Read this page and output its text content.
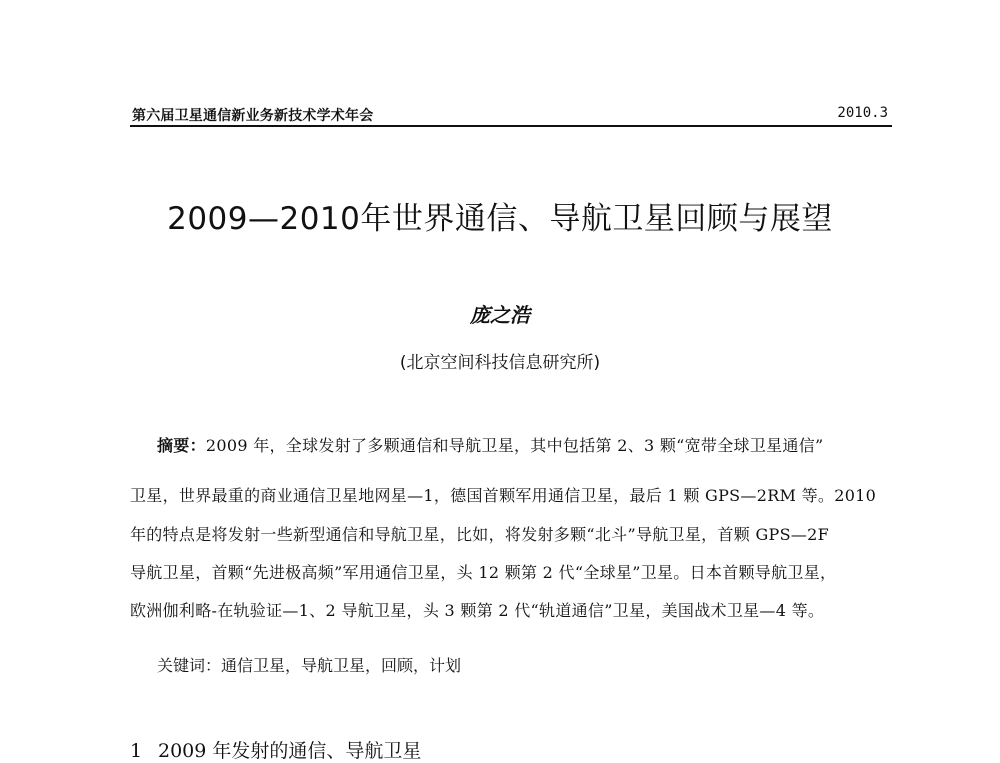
第六届卫星通信新业务新技术学术年会	2010.3
2009—2010年世界通信、导航卫星回顾与展望
庞之浩
(北京空间科技信息研究所)
摘要：2009 年，全球发射了多颗通信和导航卫星，其中包括第 2、3 颗“宽带全球卫星通信”
卫星，世界最重的商业通信卫星地网星—1，德国首颗军用通信卫星，最后 1 颗 GPS—2RM 等。2010
年的特点是将发射一些新型通信和导航卫星，比如，将发射多颗“北斗”导航卫星，首颗 GPS—2F
导航卫星，首颗“先进极高频”军用通信卫星，头 12 颗第 2 代“全球星”卫星。日本首颗导航卫星，
欧洲伽利略-在轨验证—1、2 导航卫星，头 3 颗第 2 代“轨道通信”卫星，美国战术卫星—4 等。
关键词：通信卫星，导航卫星，回顾，计划
1 2009 年发射的通信、导航卫星
